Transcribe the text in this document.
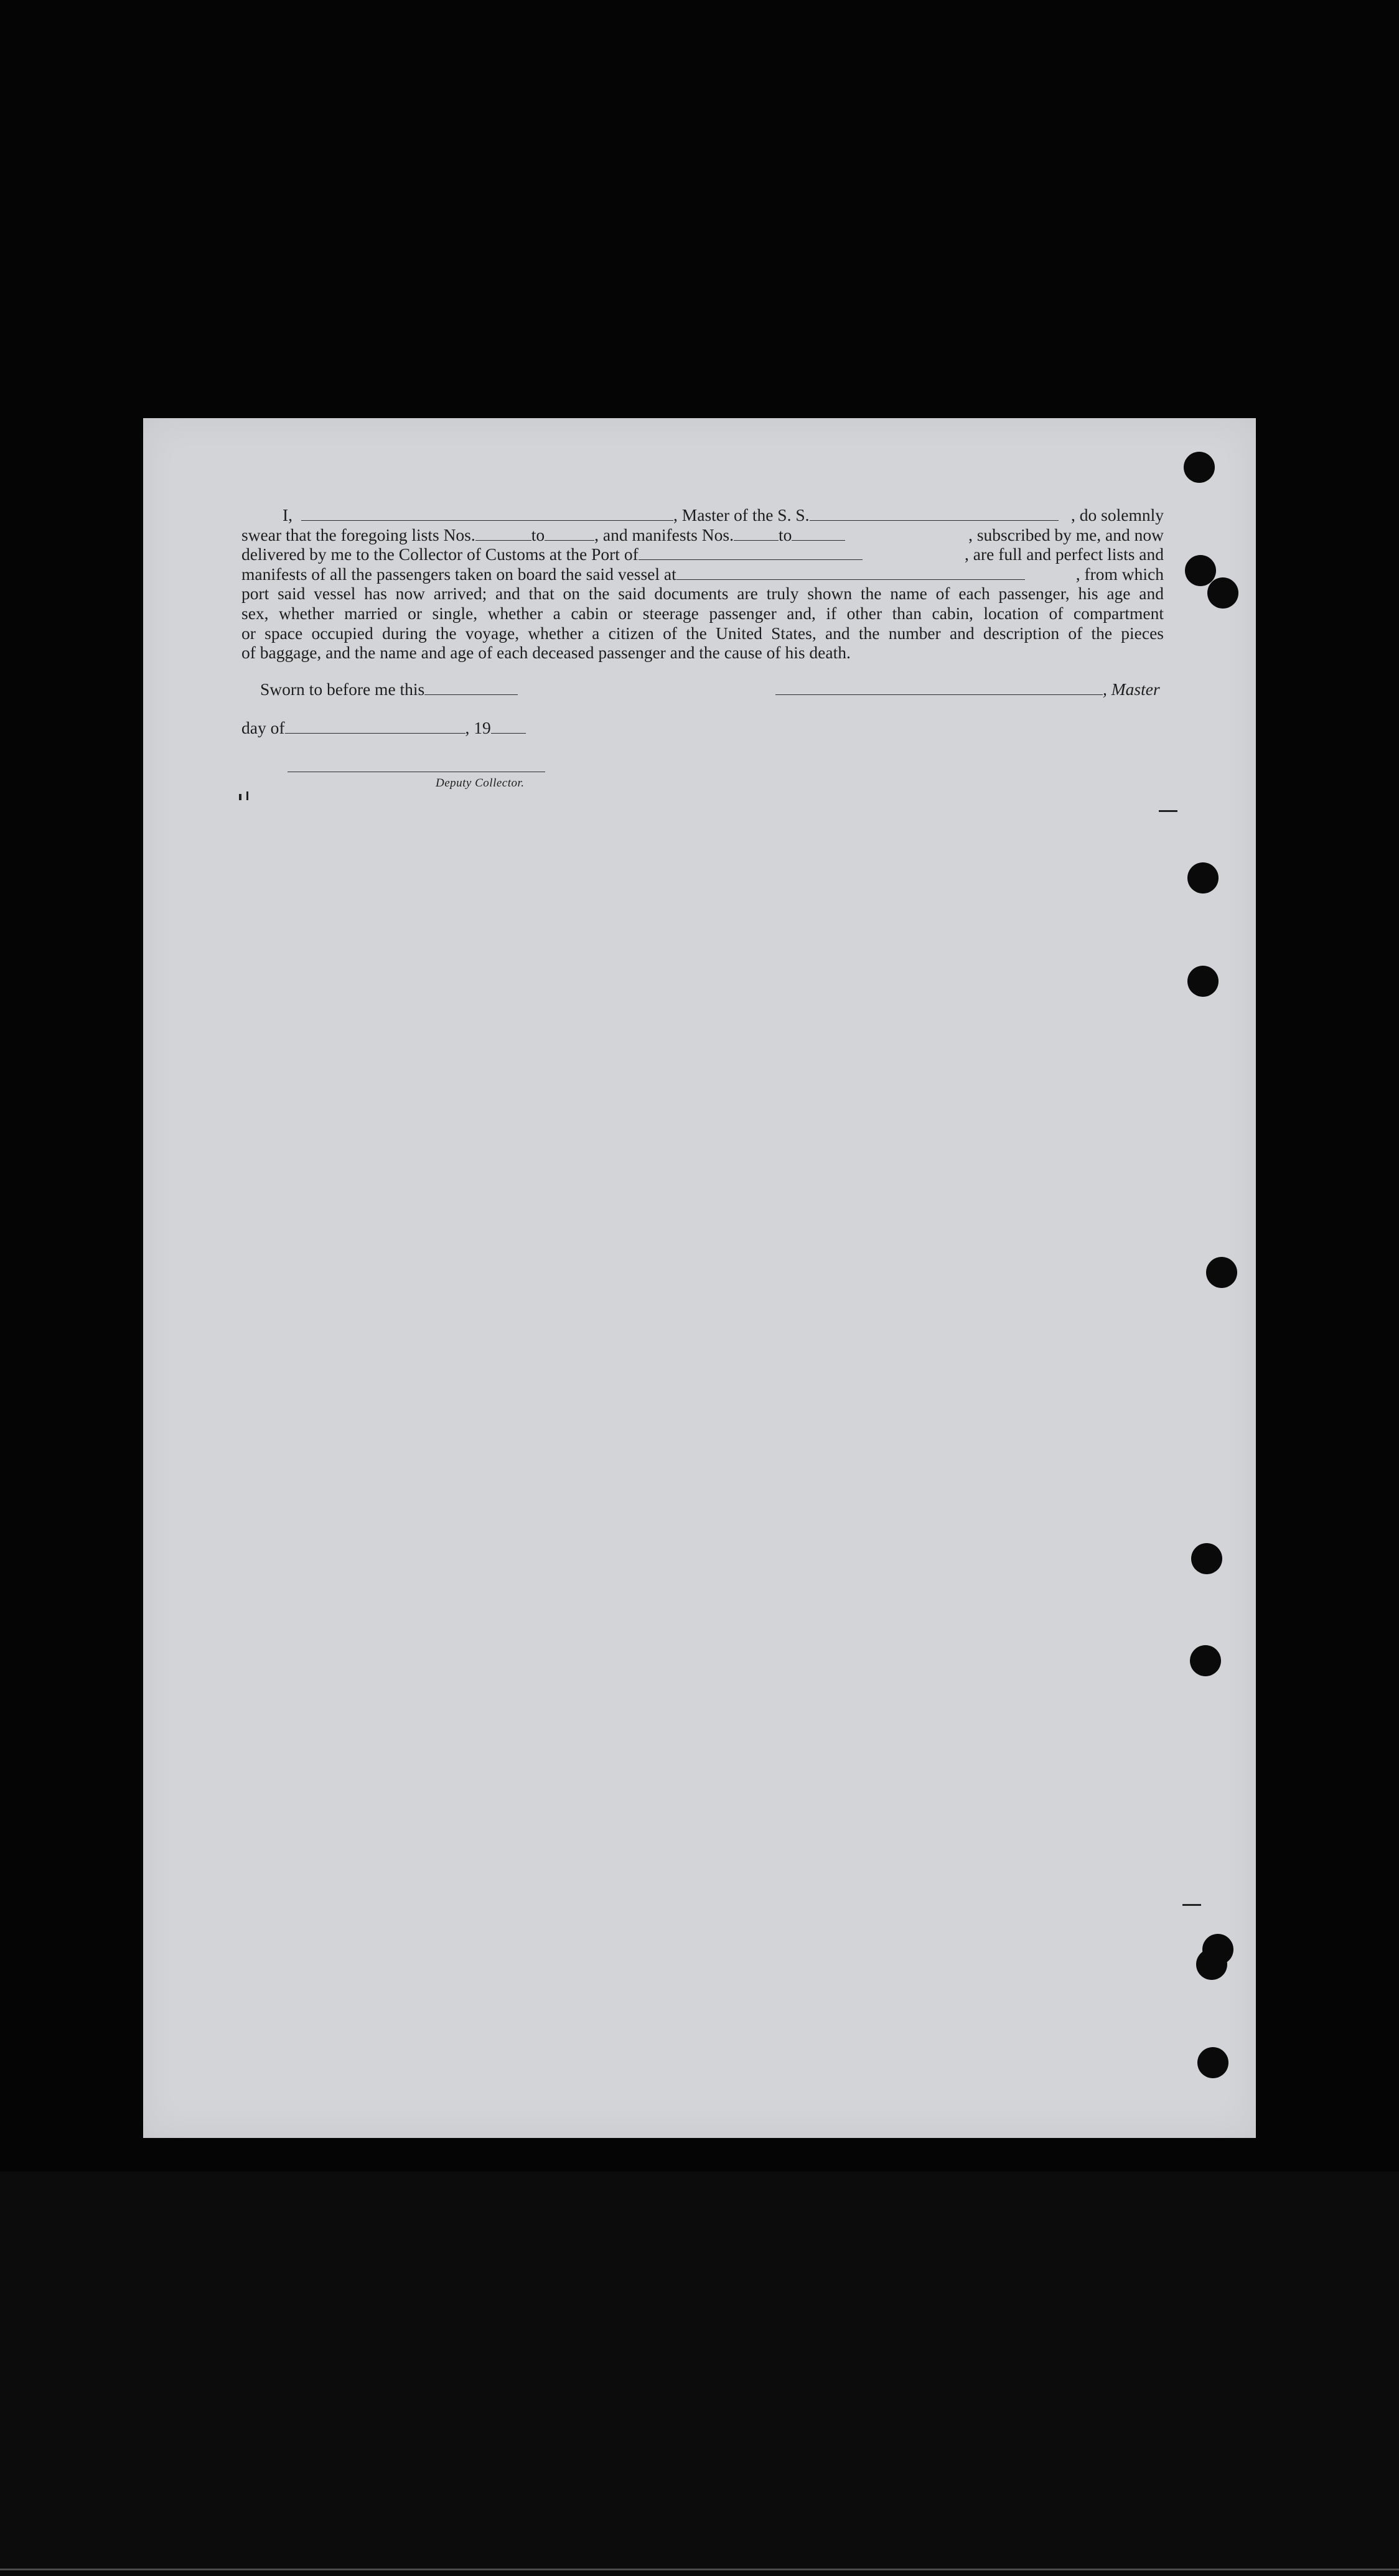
I,	, Master of the S. S.	, do solemnly
swear that the foregoing lists Nos.	to	, and manifests Nos.	to	, subscribed by me, and now
delivered by me to the Collector of Customs at the Port of	, are full and perfect lists and
manifests of all the passengers taken on board the said vessel at	, from which
port said vessel has now arrived; and that on the said documents are truly shown the name of each passenger, his age and
sex, whether married or single, whether a cabin or steerage passenger and, if other than cabin, location of compartment
or space occupied during the voyage, whether a citizen of the United States, and the number and description of the pieces
of baggage, and the name and age of each deceased passenger and the cause of his death.
Sworn to before me this	, Master
day of	, 19
Deputy Collector.
